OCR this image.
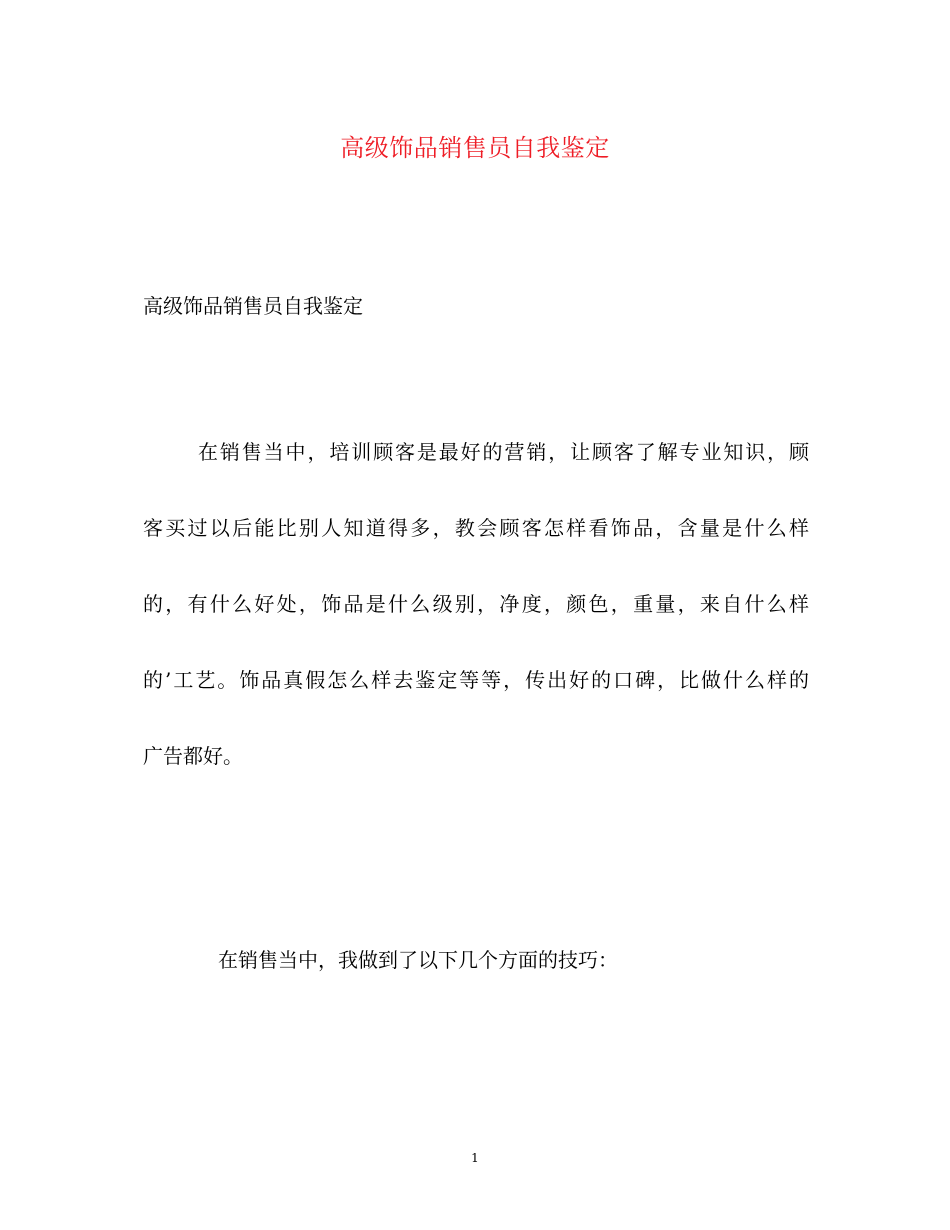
高级饰品销售员自我鉴定
高级饰品销售员自我鉴定
在销售当中，培训顾客是最好的营销，让顾客了解专业知识，顾
客买过以后能比别人知道得多，教会顾客怎样看饰品，含量是什么样
的，有什么好处，饰品是什么级别，净度，颜色，重量，来自什么样
的’工艺。饰品真假怎么样去鉴定等等，传出好的口碑，比做什么样的
广告都好。
在销售当中，我做到了以下几个方面的技巧：
1
